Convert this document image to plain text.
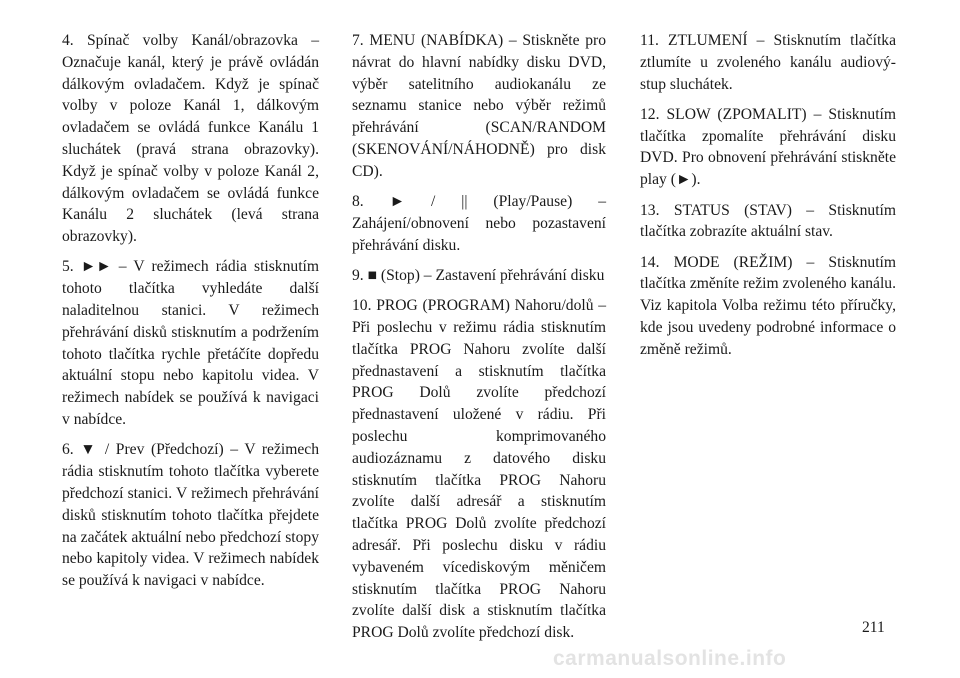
4. Spínač volby Kanál/obrazovka – Označuje kanál, který je právě ovládán dálkovým ovladačem. Když je spínač volby v poloze Kanál 1, dálkovým ovladačem se ovládá funkce Kanálu 1 sluchátek (pravá strana obrazovky). Když je spínač volby v poloze Kanál 2, dálkovým ovladačem se ovládá funkce Kanálu 2 sluchátek (levá strana obrazovky).

5. ►► – V režimech rádia stisknutím tohoto tlačítka vyhledáte další naladitelnou stanici. V režimech přehrávání disků stisknutím a podržením tohoto tlačítka rychle přetáčíte dopředu aktuální stopu nebo kapitolu videa. V režimech nabídek se používá k navigaci v nabídce.

6. ▼ / Prev (Předchozí) – V režimech rádia stisknutím tohoto tlačítka vyberete předchozí stanici. V režimech přehrávání disků stisknutím tohoto tlačítka přejdete na začátek aktuální nebo předchozí stopy nebo kapitoly videa. V režimech nabídek se používá k navigaci v nabídce.

7. MENU (NABÍDKA) – Stiskněte pro návrat do hlavní nabídky disku DVD, výběr satelitního audiokanálu ze seznamu stanice nebo výběr režimů přehrávání (SCAN/RANDOM (SKENOVÁNÍ/NÁHODNĚ) pro disk CD).

8. ► / || (Play/Pause) – Zahájení/obnovení nebo pozastavení přehrávání disku.

9. ■ (Stop) – Zastavení přehrávání disku

10. PROG (PROGRAM) Nahoru/dolů – Při poslechu v režimu rádia stisknutím tlačítka PROG Nahoru zvolíte další přednastavení a stisknutím tlačítka PROG Dolů zvolíte předchozí přednastavení uložené v rádiu. Při poslechu komprimovaného audiozáznamu z datového disku stisknutím tlačítka PROG Nahoru zvolíte další adresář a stisknutím tlačítka PROG Dolů zvolíte předchozí adresář. Při poslechu disku v rádiu vybaveném vícediskovým měničem stisknutím tlačítka PROG Nahoru zvolíte další disk a stisknutím tlačítka PROG Dolů zvolíte předchozí disk.

11. ZTLUMENÍ – Stisknutím tlačítka ztlumíte u zvoleného kanálu audiový-stup sluchátek.

12. SLOW (ZPOMALIT) – Stisknutím tlačítka zpomalíte přehrávání disku DVD. Pro obnovení přehrávání stiskněte play (►).

13. STATUS (STAV) – Stisknutím tlačítka zobrazíte aktuální stav.

14. MODE (REŽIM) – Stisknutím tlačítka změníte režim zvoleného kanálu. Viz kapitola Volba režimu této příručky, kde jsou uvedeny podrobné informace o změně režimů.

211
carmanualsonline.info
